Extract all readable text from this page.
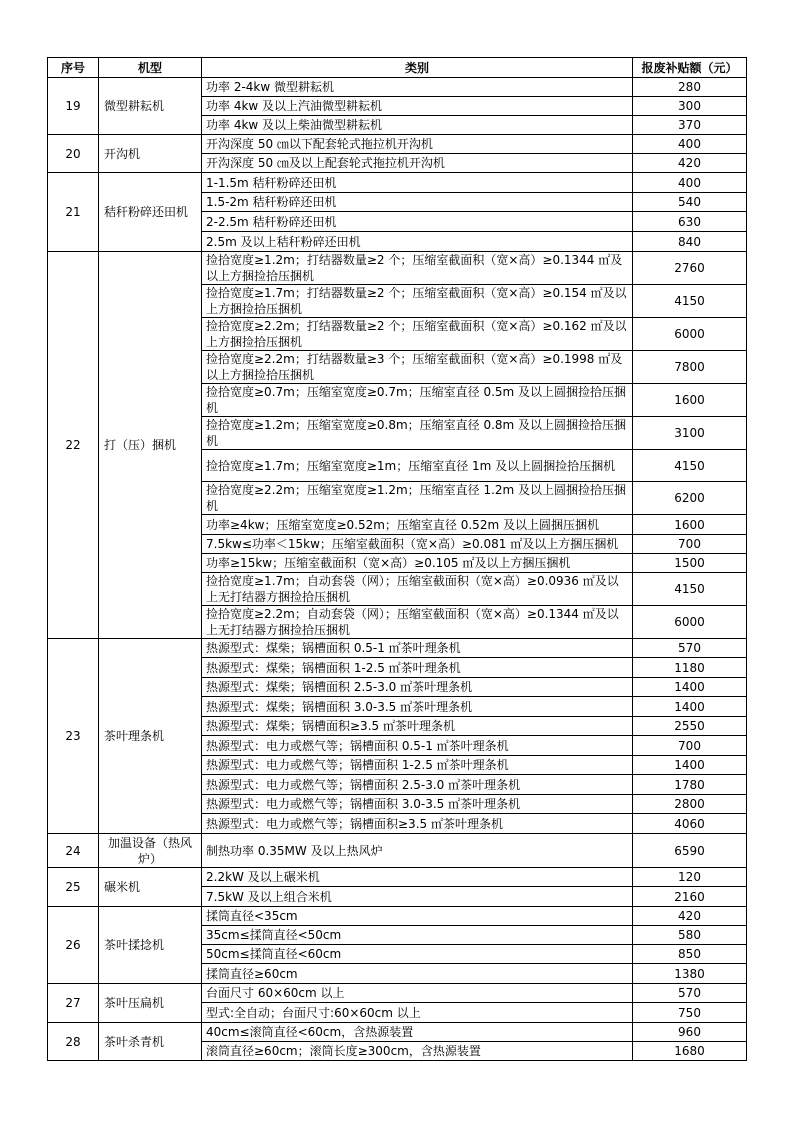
序号	机型	类别	报废补贴额（元）
19	微型耕耘机	功率 2-4kw 微型耕耘机	280
		功率 4kw 及以上汽油微型耕耘机	300
		功率 4kw 及以上柴油微型耕耘机	370
20	开沟机	开沟深度 50 ㎝以下配套轮式拖拉机开沟机	400
		开沟深度 50 ㎝及以上配套轮式拖拉机开沟机	420
21	秸秆粉碎还田机	1-1.5m 秸秆粉碎还田机	400
		1.5-2m 秸秆粉碎还田机	540
		2-2.5m 秸秆粉碎还田机	630
		2.5m 及以上秸秆粉碎还田机	840
22	打（压）捆机	捡拾宽度≥1.2m；打结器数量≥2 个；压缩室截面积（宽×高）≥0.1344 ㎡及以上方捆捡拾压捆机	2760
		捡拾宽度≥1.7m；打结器数量≥2 个；压缩室截面积（宽×高）≥0.154 ㎡及以上方捆捡拾压捆机	4150
		捡拾宽度≥2.2m；打结器数量≥2 个；压缩室截面积（宽×高）≥0.162 ㎡及以上方捆捡拾压捆机	6000
		捡拾宽度≥2.2m；打结器数量≥3 个；压缩室截面积（宽×高）≥0.1998 ㎡及以上方捆捡拾压捆机	7800
		捡拾宽度≥0.7m；压缩室宽度≥0.7m；压缩室直径 0.5m 及以上圆捆捡拾压捆机	1600
		捡拾宽度≥1.2m；压缩室宽度≥0.8m；压缩室直径 0.8m 及以上圆捆捡拾压捆机	3100
		捡拾宽度≥1.7m；压缩室宽度≥1m；压缩室直径 1m 及以上圆捆捡拾压捆机	4150
		捡拾宽度≥2.2m；压缩室宽度≥1.2m；压缩室直径 1.2m 及以上圆捆捡拾压捆机	6200
		功率≥4kw；压缩室宽度≥0.52m；压缩室直径 0.52m 及以上圆捆压捆机	1600
		7.5kw≤功率＜15kw；压缩室截面积（宽×高）≥0.081 ㎡及以上方捆压捆机	700
		功率≥15kw；压缩室截面积（宽×高）≥0.105 ㎡及以上方捆压捆机	1500
		捡拾宽度≥1.7m；自动套袋（网）；压缩室截面积（宽×高）≥0.0936 ㎡及以上无打结器方捆捡拾压捆机	4150
		捡拾宽度≥2.2m；自动套袋（网）；压缩室截面积（宽×高）≥0.1344 ㎡及以上无打结器方捆捡拾压捆机	6000
23	茶叶理条机	热源型式：煤柴；锅槽面积 0.5-1 ㎡茶叶理条机	570
		热源型式：煤柴；锅槽面积 1-2.5 ㎡茶叶理条机	1180
		热源型式：煤柴；锅槽面积 2.5-3.0 ㎡茶叶理条机	1400
		热源型式：煤柴；锅槽面积 3.0-3.5 ㎡茶叶理条机	1400
		热源型式：煤柴；锅槽面积≥3.5 ㎡茶叶理条机	2550
		热源型式：电力或燃气等；锅槽面积 0.5-1 ㎡茶叶理条机	700
		热源型式：电力或燃气等；锅槽面积 1-2.5 ㎡茶叶理条机	1400
		热源型式：电力或燃气等；锅槽面积 2.5-3.0 ㎡茶叶理条机	1780
		热源型式：电力或燃气等；锅槽面积 3.0-3.5 ㎡茶叶理条机	2800
		热源型式：电力或燃气等；锅槽面积≥3.5 ㎡茶叶理条机	4060
24	加温设备（热风炉）	制热功率 0.35MW 及以上热风炉	6590
25	碾米机	2.2kW 及以上碾米机	120
		7.5kW 及以上组合米机	2160
26	茶叶揉捻机	揉筒直径<35cm	420
		35cm≤揉筒直径<50cm	580
		50cm≤揉筒直径<60cm	850
		揉筒直径≥60cm	1380
27	茶叶压扁机	台面尺寸 60×60cm 以上	570
		型式:全自动；台面尺寸:60×60cm 以上	750
28	茶叶杀青机	40cm≤滚筒直径<60cm，含热源装置	960
		滚筒直径≥60cm；滚筒长度≥300cm，含热源装置	1680
